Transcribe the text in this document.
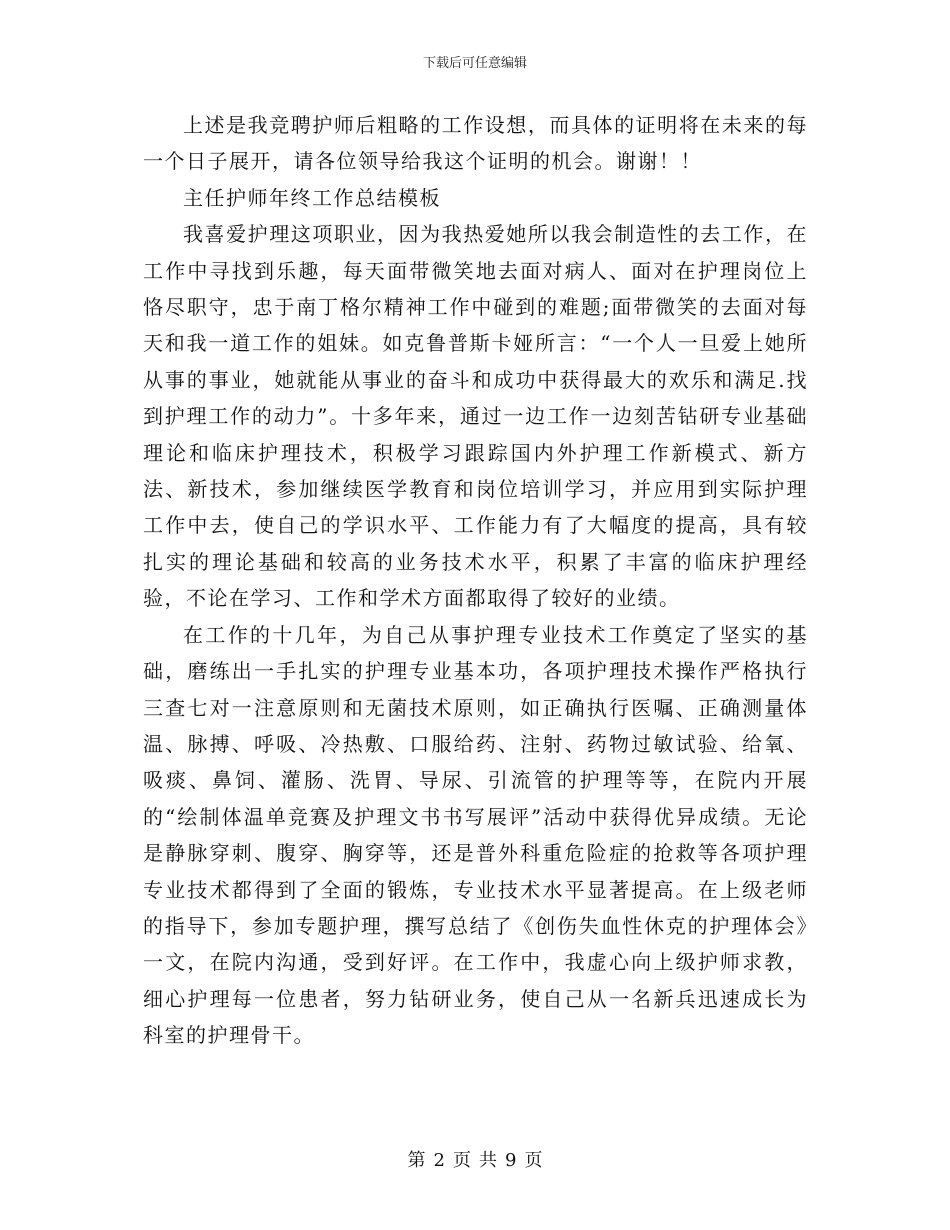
下载后可任意编辑

上述是我竞聘护师后粗略的工作设想，而具体的证明将在未来的每一个日子展开，请各位领导给我这个证明的机会。谢谢！！

主任护师年终工作总结模板

我喜爱护理这项职业，因为我热爱她所以我会制造性的去工作，在工作中寻找到乐趣，每天面带微笑地去面对病人、面对在护理岗位上恪尽职守，忠于南丁格尔精神工作中碰到的难题;面带微笑的去面对每天和我一道工作的姐妹。如克鲁普斯卡娅所言：“一个人一旦爱上她所从事的事业，她就能从事业的奋斗和成功中获得最大的欢乐和满足.找到护理工作的动力”。十多年来，通过一边工作一边刻苦钻研专业基础理论和临床护理技术，积极学习跟踪国内外护理工作新模式、新方法、新技术，参加继续医学教育和岗位培训学习，并应用到实际护理工作中去，使自己的学识水平、工作能力有了大幅度的提高，具有较扎实的理论基础和较高的业务技术水平，积累了丰富的临床护理经验，不论在学习、工作和学术方面都取得了较好的业绩。

在工作的十几年，为自己从事护理专业技术工作奠定了坚实的基础，磨练出一手扎实的护理专业基本功，各项护理技术操作严格执行三查七对一注意原则和无菌技术原则，如正确执行医嘱、正确测量体温、脉搏、呼吸、冷热敷、口服给药、注射、药物过敏试验、给氧、吸痰、鼻饲、灌肠、洗胃、导尿、引流管的护理等等，在院内开展的“绘制体温单竞赛及护理文书书写展评”活动中获得优异成绩。无论是静脉穿刺、腹穿、胸穿等，还是普外科重危险症的抢救等各项护理专业技术都得到了全面的锻炼，专业技术水平显著提高。在上级老师的指导下，参加专题护理，撰写总结了《创伤失血性休克的护理体会》一文，在院内沟通，受到好评。在工作中，我虚心向上级护师求教，细心护理每一位患者，努力钻研业务，使自己从一名新兵迅速成长为科室的护理骨干。

第 2 页 共 9 页
